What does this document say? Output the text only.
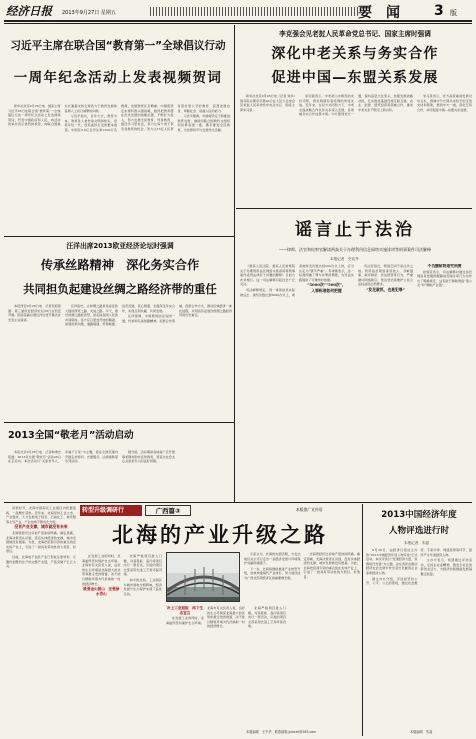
经济日报	2013年9月27日 星期五	要　闻	3 版
习近平主席在联合国“教育第一”全球倡议行动
一周年纪念活动上发表视频贺词

新华社北京9月26日电　国家主席习近平26日在联合国“教育第一”全球倡议行动一周年纪念活动上发表视频贺词，代表中国政府和人民，向活动的举办表示热烈的祝贺，向联合国秘书长潘基文和全球致力于教育发展的各界人士致以诚挚的问候。

习近平指出，百年大计，教育为本。教育是人类传承文明和知识、培养年轻一代、创造美好生活的根本途径。中国有2.6亿名学生和1500万名教师，发展教育任务繁重。中国将坚定实施科教兴国战略，始终把教育摆在优先发展的战略位置，不断扩大投入，努力发展全民教育、终身教育，建设学习型社会，努力让每个孩子享有受教育的机会，努力让13亿人民享有更好更公平的教育，获得发展自身、奉献社会、造福人民的能力。

习近平强调，中国将坚定不移推进教育发展，继续同联合国教科文组织和世界各国一道，携手推进全民教育，为世界和平与发展作出贡献。

李克强会见老挝人民革命党总书记、国家主席时强调
深化中老关系与务实合作
促进中国—东盟关系发展

新华社北京9月26日电（记者 刘华）国务院总理李克强26日在人民大会堂会见老挝人民革命党中央总书记、国家主席朱马里。

李克强表示，中老是山水相连的友好邻邦，两党两国有着特殊的传统友谊。近年来，在双方共同努力下，中老全面战略合作伙伴关系深入发展，各领域务实合作成果丰硕。中方愿同老方一道，保持高层交往势头，加强发展战略对接，扎实推进基础设施互联互通、农业、能源、经贸投资等领域合作，推动中老关系不断迈上新台阶。

朱马里表示，老方高度重视发展对华关系，感谢中方长期以来给予的宝贵支持和帮助，愿同中方一道，深化互利合作，共同促进中国—东盟关系发展。

汪洋出席2013欧亚经济论坛时强调
传承丝路精神　深化务实合作
共同担负起建设丝绸之路经济带的重任

本报西安9月26日电　记者张毅报道：第三届欧亚经济论坛26日在西安开幕。国务院副总理汪洋出席开幕式并发表主旨演讲。

汪洋指出，古丝绸之路是连接亚欧大陆的商贸之路、友谊之路。今天，建设丝绸之路经济带，是沿线各国人民的共同期待。各方应以更加开放的胸襟，加强政策沟通、道路联通、贸易畅通、货币流通、民心相通，全面深化务实合作，实现互利共赢、共同发展。

汪洋强调，中国愿同欧亚各国一道，传承和弘扬丝路精神，拓展合作领域，创新合作方式，推动区域经济一体化进程，共同担负起建设丝绸之路经济带的历史重任。

2013全国“敬老月”活动启动

本报北京9月26日电　记者韩秉志报道：2013年全国“敬老月”活动26日在京启动。本次活动以“关爱老年人，幸福千万家”为主题，将在全国范围内开展走访慰问、志愿服务、法律援助等系列活动。

据介绍，活动期间各地将广泛开展尊老敬老助老宣传教育，营造全社会关心关爱老年人的良好氛围。

谣言止于法治
——律师、法官和检察官解读两高关于办理利用信息网络实施诽谤等刑事案件司法解释
本报记者　史克齐

《最高人民法院、最高人民检察院关于办理利用信息网络实施诽谤等刑事案件适用法律若干问题的解释》日前公布并施行。这一司法解释引起社会广泛关注。

司法解释规定，同一诽谤信息实际被点击、浏览次数达到5000次以上，或者被转发次数达到500次以上的，应当认定为“情节严重”。有律师表示，这一标准明确了罪与非罪的界限，为司法实践提供了可操作的依据。

“5000次”“500次”，

入罪标准如何把握

有法官指出，网络空间不是法外之地。利用信息网络诽谤他人、寻衅滋事、敲诈勒索、非法经营等行为，严重破坏网络秩序，依法惩治是维护公民合法权益的必然要求。

“发足就抓，也是犯罪”

不当删帖将追究刑责

检察官表示，司法解释对通过信息网络有偿提供删除信息服务等行为也作出了明确规定，这有助于遏制网络“黑公关”和“删帖产业链”。

初秋时节，北海市银海区工业园区内机器轰鸣，一派繁忙景象。近年来，北海坚持工业立市、产业强市，大力发展电子信息、石油化工、林浆纸等主导产业，产业结构不断优化升级。

没有产业支撑，城市就没有未来

北海曾经历过房地产泡沫的阵痛。痛定思痛，北海决策者认识到，没有实体经济的支撑，城市发展就没有根基。为此，北海把招商引资的重点放在实体产业上，引进了一批具有带动性的大项目、好项目。

目前，北海电子信息产业已形成从原材料、元器件到整机生产的完整产业链，产值突破千亿元大关。

转型升级调研行	广西篇③	本版推广宣传语
北海的产业升级之路

在发展工业的同时，北海始终坚持保护生态环境。北海市有关负责人说，良好的生态环境是北海最大的优势和最宝贵的财富，决不能以牺牲环境为代价换取一时的经济增长。

既要金山银山　还要绿水青山

北海严格项目准入门槛，对高耗能、高污染项目实行一票否决，引进的项目全部采用先进工艺和环保设施。

如今的北海，工业园区与城市绿地交相辉映，经济发展与生态保护实现了良性互动。

补上工业短板　再下生态宣言

在发展工业的同时，北海始终坚持保护生态环境。北海市有关负责人说，良好的生态环境是北海最大的优势和最宝贵的财富，决不能以牺牲环境为代价换取一时的经济增长。

北海严格项目准入门槛，对高耗能、高污染项目实行一票否决，引进的项目全部采用先进工艺和环保设施。

专家认为，北海的实践表明，欠发达地区完全可以走出一条经济发展与环境保护双赢的新路子。

下一步，北海将继续推进产业转型升级，加快构建现代产业体系，努力建设成为广西北部湾经济区的重要增长极。

北海曾经历过房地产泡沫的阵痛。痛定思痛，北海决策者认识到，没有实体经济的支撑，城市发展就没有根基。为此，北海把招商引资的重点放在实体产业上，引进了一批具有带动性的大项目、好项目。

本版编辑　王中华　联系邮箱 jjrbxzh@163.com
2013中国经济年度
人物评选进行时
本报记者　朱晶

9月26日，由经济日报社主办的“2013中国经济年度人物评选”正式启动。本次评选以“发现经济力量，致敬时代先锋”为主题，旨在表彰在推动经济社会发展中作出突出贡献的企业家和经济人物。

据主办方介绍，评选将坚持公开、公平、公正的原则，通过社会推荐、专家评审、网络投票等环节，最终产生年度经济人物。

主办方表示，希望通过评选活动，弘扬企业家精神，激发全社会创新创业活力，为经济持续健康发展凝聚正能量。

本版编辑　朱晶
